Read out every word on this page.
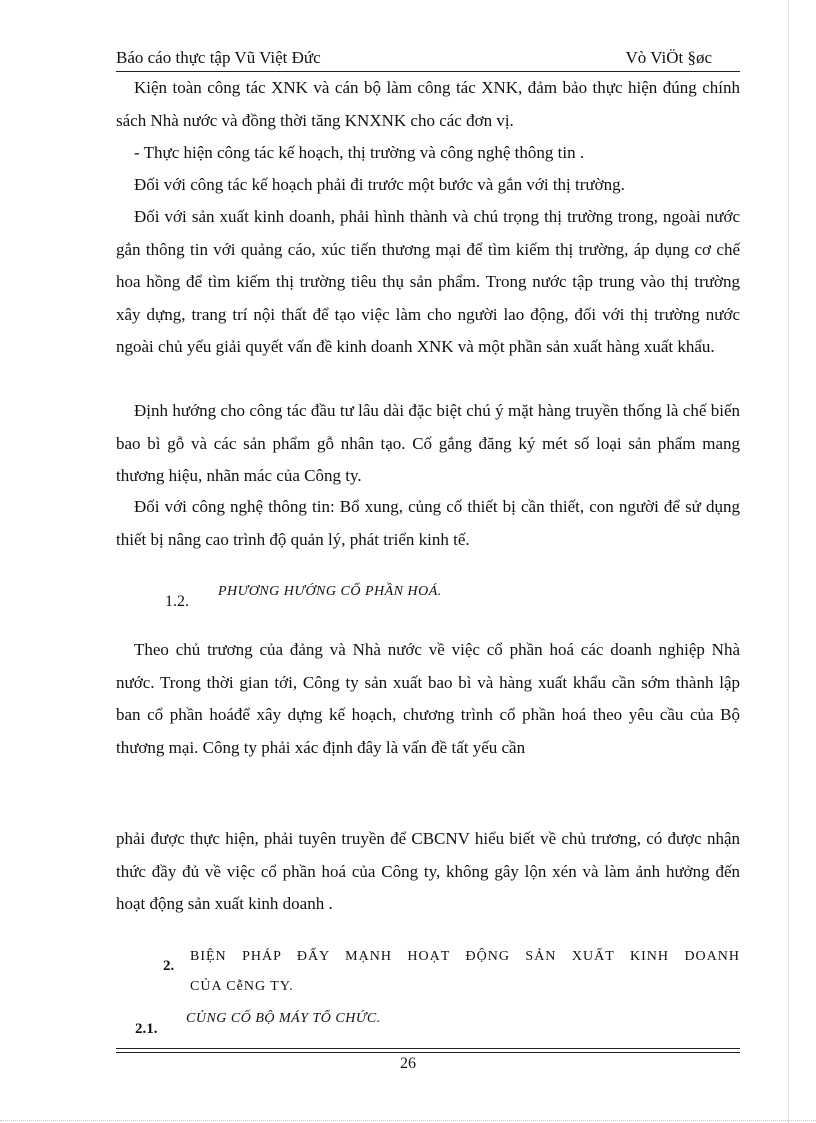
Báo cáo thực tập Vũ Việt Đức	Vò ViÖt §øc

Kiện toàn công tác XNK và cán bộ làm công tác XNK, đảm bảo thực hiện đúng chính sách Nhà nước và đồng thời tăng KNXNK cho các đơn vị.

- Thực hiện công tác kế hoạch, thị trường và công nghệ thông tin .

Đối với công tác kế hoạch phải đi trước một bước và gắn với thị trường.

Đối với sản xuất kinh doanh, phải hình thành và chú trọng thị trường trong, ngoài nước gắn thông tin với quảng cáo, xúc tiến thương mại để tìm kiếm thị trường, áp dụng cơ chế hoa hồng để tìm kiếm thị trường tiêu thụ sản phẩm. Trong nước tập trung vào thị trường xây dựng, trang trí nội thất để tạo việc làm cho người lao động, đối với thị trường nước ngoài chủ yếu giải quyết vấn đề kinh doanh XNK và một phần sản xuất hàng xuất khẩu.

Định hướng cho công tác đầu tư lâu dài đặc biệt chú ý mặt hàng truyền thống là chế biến bao bì gỗ và các sản phẩm gỗ nhân tạo. Cố gắng đăng ký mét số loại sản phẩm mang thương hiệu, nhãn mác của Công ty.

Đối với công nghệ thông tin: Bổ xung, củng cố thiết bị cần thiết, con người để sử dụng thiết bị nâng cao trình độ quản lý, phát triển kinh tế.

1.2.
PHƯƠNG HƯỚNG CỔ PHẦN HOÁ.

Theo chủ trương của đảng và Nhà nước về việc cổ phần hoá các doanh nghiệp Nhà nước. Trong thời gian tới, Công ty sản xuất bao bì và hàng xuất khẩu cần sớm thành lập ban cổ phần hoáđể xây dựng kế hoạch, chương trình cổ phần hoá theo yêu cầu của Bộ thương mại. Công ty phải xác định đây là vấn đề tất yếu cần

phải được thực hiện, phải tuyên truyền để CBCNV hiểu biết về chủ trương, có được nhận thức đầy đủ về việc cổ phần hoá của Công ty, không gây lộn xén và làm ảnh hưởng đến hoạt động sản xuất kinh doanh .

2.
BIỆN PHÁP ĐẨY MẠNH HOẠT ĐỘNG SẢN XUẤT KINH DOANH
CỦA CễNG TY.
2.1.
CỦNG CỐ BỘ MÁY TỔ CHỨC.
26
